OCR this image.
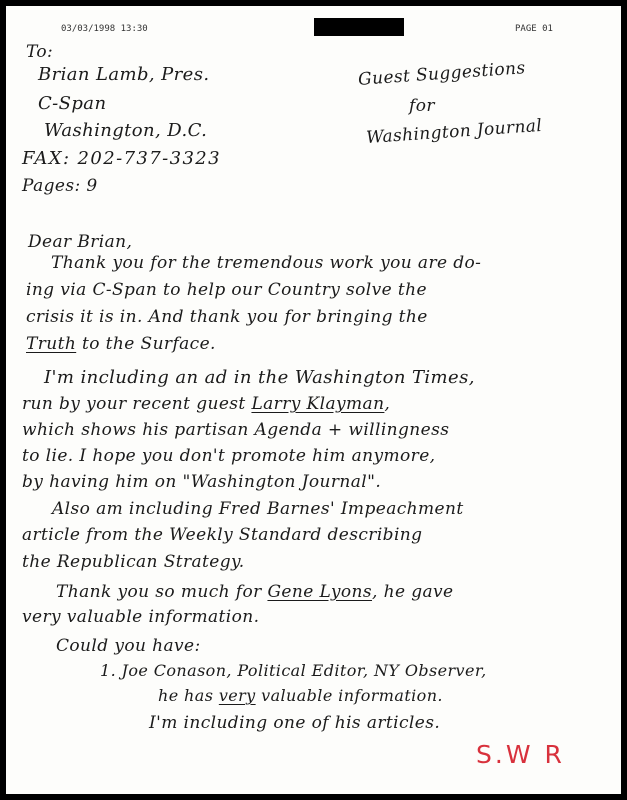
03/03/1998 13:30	PAGE 01
To:
Brian Lamb, Pres.
C-Span
Washington, D.C.
FAX: 202-737-3323
Pages: 9
Guest Suggestions
for
Washington Journal
Dear Brian,
Thank you for the tremendous work you are do-
ing via C-Span to help our Country solve the
crisis it is in. And thank you for bringing the
Truth to the Surface.
I'm including an ad in the Washington Times,
run by your recent guest Larry Klayman,
which shows his partisan Agenda + willingness
to lie. I hope you don't promote him anymore,
by having him on "Washington Journal".
Also am including Fred Barnes' Impeachment
article from the Weekly Standard describing
the Republican Strategy.
Thank you so much for Gene Lyons, he gave
very valuable information.
Could you have:
1. Joe Conason, Political Editor, NY Observer,
he has very valuable information.
I'm including one of his articles.
S.W R
